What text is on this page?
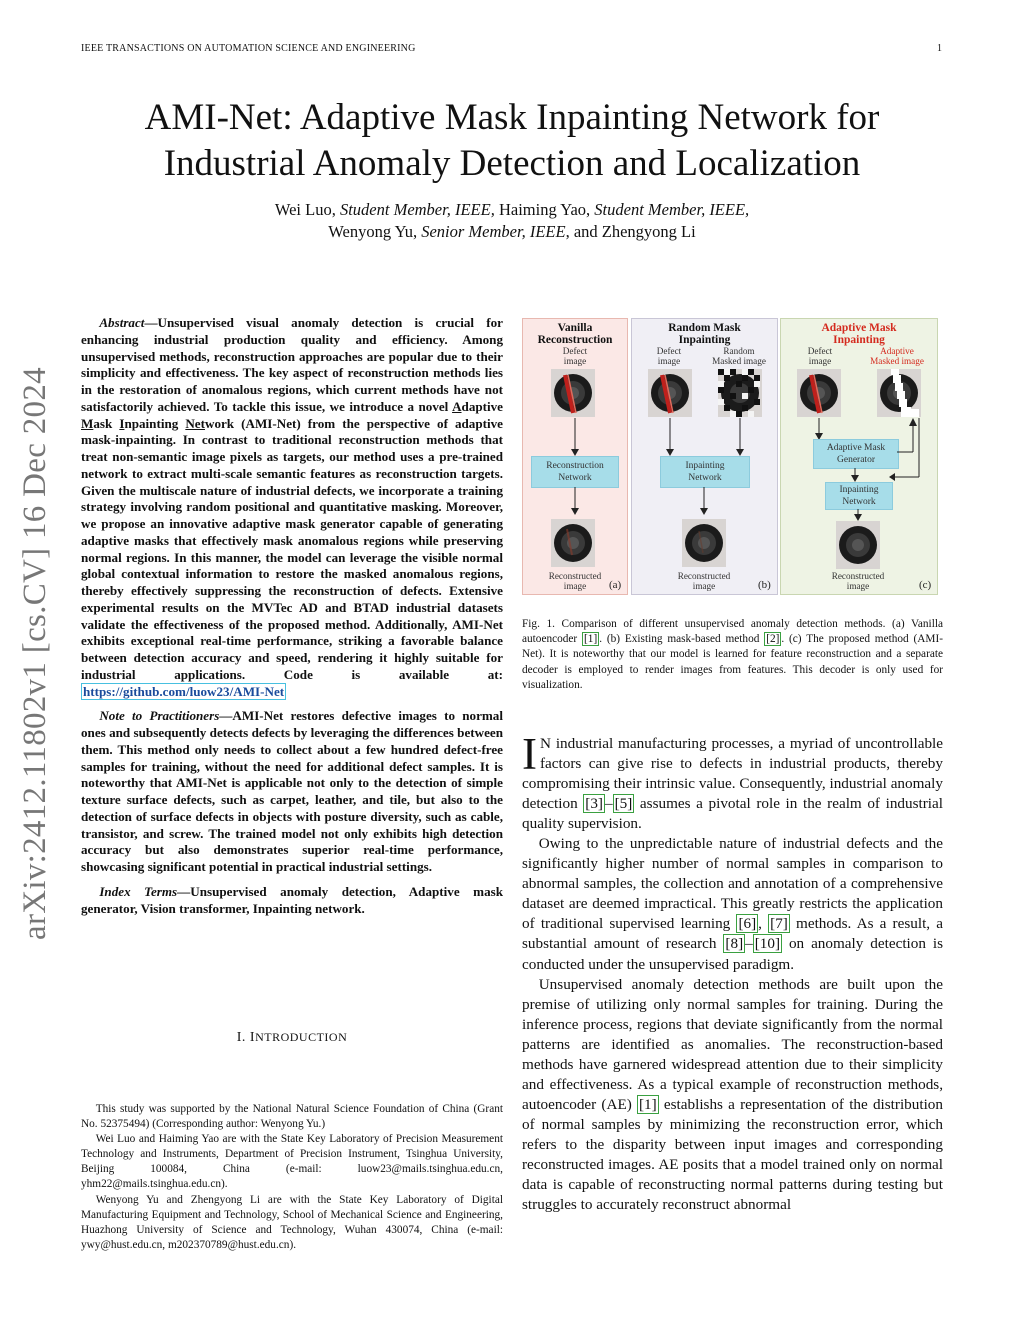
IEEE TRANSACTIONS ON AUTOMATION SCIENCE AND ENGINEERING	1
arXiv:2412.11802v1 [cs.CV] 16 Dec 2024
AMI-Net: Adaptive Mask Inpainting Network for
Industrial Anomaly Detection and Localization
Wei Luo, Student Member, IEEE, Haiming Yao, Student Member, IEEE,
Wenyong Yu, Senior Member, IEEE, and Zhengyong Li

Abstract—Unsupervised visual anomaly detection is crucial for enhancing industrial production quality and efficiency. Among unsupervised methods, reconstruction approaches are popular due to their simplicity and effectiveness. The key aspect of reconstruction methods lies in the restoration of anomalous regions, which current methods have not satisfactorily achieved. To tackle this issue, we introduce a novel Adaptive Mask Inpainting Network (AMI-Net) from the perspective of adaptive mask-inpainting. In contrast to traditional reconstruction methods that treat non-semantic image pixels as targets, our method uses a pre-trained network to extract multi-scale semantic features as reconstruction targets. Given the multiscale nature of industrial defects, we incorporate a training strategy involving random positional and quantitative masking. Moreover, we propose an innovative adaptive mask generator capable of generating adaptive masks that effectively mask anomalous regions while preserving normal regions. In this manner, the model can leverage the visible normal global contextual information to restore the masked anomalous regions, thereby effectively suppressing the reconstruction of defects. Extensive experimental results on the MVTec AD and BTAD industrial datasets validate the effectiveness of the proposed method. Additionally, AMI-Net exhibits exceptional real-time performance, striking a favorable balance between detection accuracy and speed, rendering it highly suitable for industrial applications. Code is available at: https://github.com/luow23/AMI-Net

Note to Practitioners—AMI-Net restores defective images to normal ones and subsequently detects defects by leveraging the differences between them. This method only needs to collect about a few hundred defect-free samples for training, without the need for additional defect samples. It is noteworthy that AMI-Net is applicable not only to the detection of simple texture surface defects, such as carpet, leather, and tile, but also to the detection of surface defects in objects with posture diversity, such as cable, transistor, and screw. The trained model not only exhibits high detection accuracy but also demonstrates superior real-time performance, showcasing significant potential in practical industrial settings.

Index Terms—Unsupervised anomaly detection, Adaptive mask generator, Vision transformer, Inpainting network.

I. INTRODUCTION

This study was supported by the National Natural Science Foundation of China (Grant No. 52375494) (Corresponding author: Wenyong Yu.)

Wei Luo and Haiming Yao are with the State Key Laboratory of Precision Measurement Technology and Instruments, Department of Precision Instrument, Tsinghua University, Beijing 100084, China (e-mail: luow23@mails.tsinghua.edu.cn, yhm22@mails.tsinghua.edu.cn).

Wenyong Yu and Zhengyong Li are with the State Key Laboratory of Digital Manufacturing Equipment and Technology, School of Mechanical Science and Engineering, Huazhong University of Science and Technology, Wuhan 430074, China (e-mail: ywy@hust.edu.cn, m202370789@hust.edu.cn).

Vanilla
Reconstruction
Defect
image
Reconstruction
Network
Reconstructed
image	(a)
Random Mask
Inpainting
Defect
image
Random
Masked image
Inpainting
Network
Reconstructed
image	(b)
Adaptive Mask
Inpainting
Defect
image
Adaptive
Masked image
Adaptive Mask
Generator
Inpainting
Network
Reconstructed
image	(c)
Fig. 1. Comparison of different unsupervised anomaly detection methods. (a) Vanilla autoencoder [1] . (b) Existing mask-based method [2] . (c) The proposed method (AMI-Net). It is noteworthy that our model is learned for feature reconstruction and a separate decoder is employed to render images from features. This decoder is only used for visualization.

I N industrial manufacturing processes, a myriad of uncontrollable factors can give rise to defects in industrial products, thereby compromising their intrinsic value. Consequently, industrial anomaly detection [3] – [5] assumes a pivotal role in the realm of industrial quality supervision.

Owing to the unpredictable nature of industrial defects and the significantly higher number of normal samples in comparison to abnormal samples, the collection and annotation of a comprehensive dataset are deemed impractical. This greatly restricts the application of traditional supervised learning [6] , [7] methods. As a result, a substantial amount of research [8] – [10] on anomaly detection is conducted under the unsupervised paradigm.

Unsupervised anomaly detection methods are built upon the premise of utilizing only normal samples for training. During the inference process, regions that deviate significantly from the normal patterns are identified as anomalies. The reconstruction-based methods have garnered widespread attention due to their simplicity and effectiveness. As a typical example of reconstruction methods, autoencoder (AE) [1] establishs a representation of the distribution of normal samples by minimizing the reconstruction error, which refers to the disparity between input images and corresponding reconstructed images. AE posits that a model trained only on normal data is capable of reconstructing normal patterns during testing but struggles to accurately reconstruct abnormal
